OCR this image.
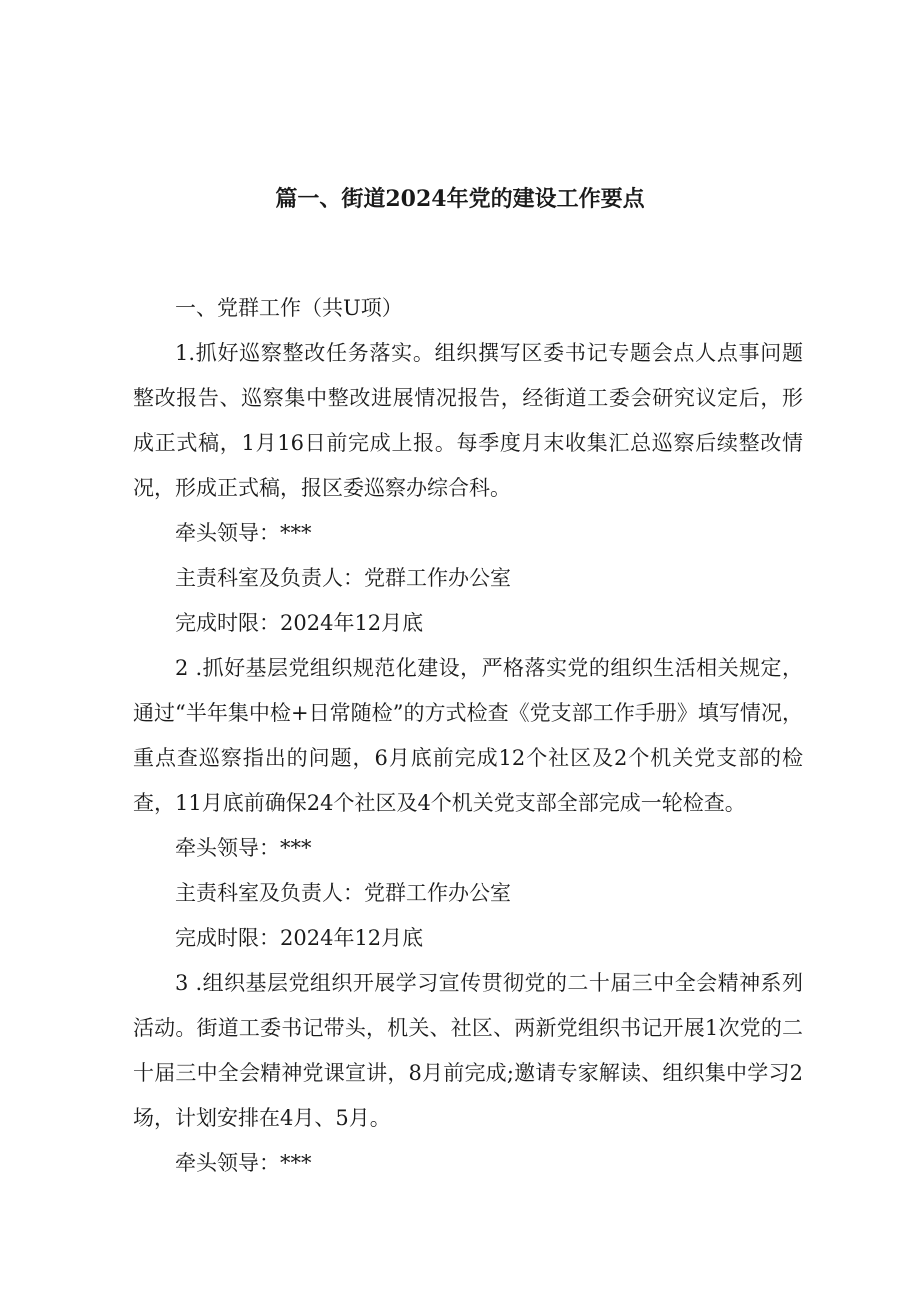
篇一、街道2024年党的建设工作要点

一、党群工作（共U项）

1.抓好巡察整改任务落实。组织撰写区委书记专题会点人点事问题整改报告、巡察集中整改进展情况报告，经街道工委会研究议定后，形成正式稿，1月16日前完成上报。每季度月末收集汇总巡察后续整改情况，形成正式稿，报区委巡察办综合科。

牵头领导：***

主责科室及负责人：党群工作办公室

完成时限：2024年12月底

2 .抓好基层党组织规范化建设，严格落实党的组织生活相关规定，通过“半年集中检+日常随检”的方式检查《党支部工作手册》填写情况，重点查巡察指出的问题，6月底前完成12个社区及2个机关党支部的检查，11月底前确保24个社区及4个机关党支部全部完成一轮检查。

牵头领导：***

主责科室及负责人：党群工作办公室

完成时限：2024年12月底

3 .组织基层党组织开展学习宣传贯彻党的二十届三中全会精神系列活动。街道工委书记带头，机关、社区、两新党组织书记开展1次党的二十届三中全会精神党课宣讲，8月前完成;邀请专家解读、组织集中学习2场，计划安排在4月、5月。

牵头领导：***
